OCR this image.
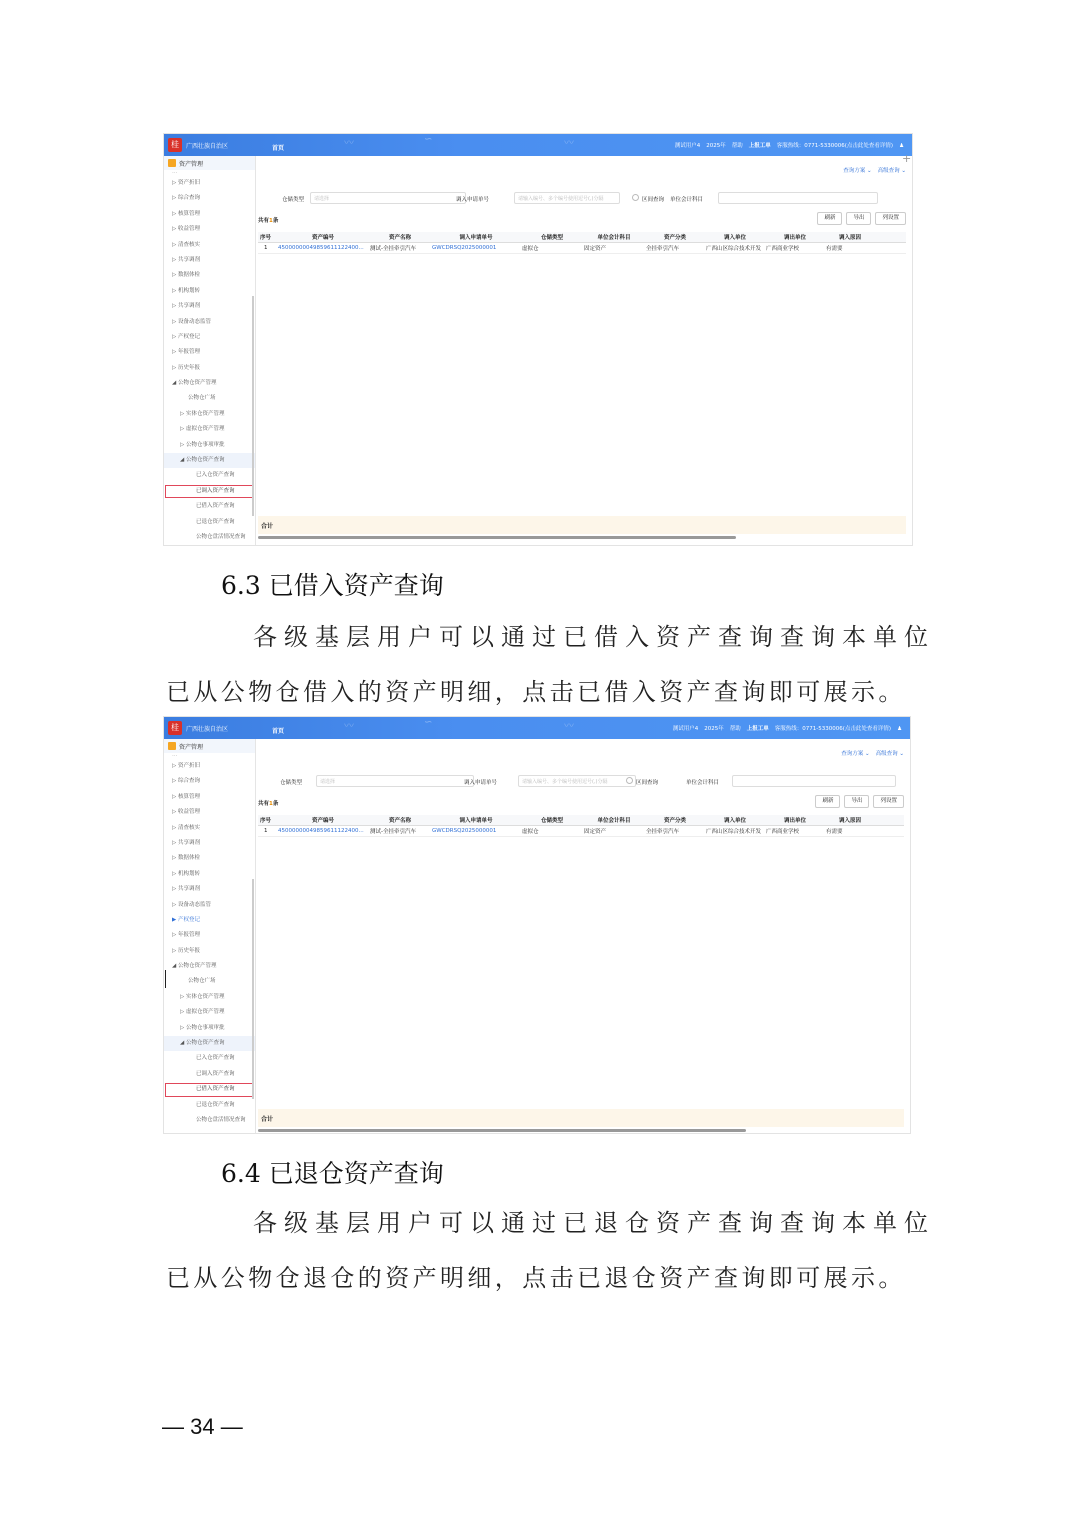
桂	广西壮族自治区	首页	〰	∽	〰	测试用户4 2025年 帮助 上报工单 客服热线：0771-5330006(点击此处查看详情) ♟
资产管理
…
▷ 资产折旧
▷ 综合查询
▷ 核算管理
▷ 收益管理
▷ 清查核实
▷ 共享调剂
▷ 数据体检
▷ 机构划转
▷ 共享调剂
▷ 设备动态监管
▷ 产权登记
▷ 年报管理
▷ 历史年报
◢ 公物仓资产管理
公物仓广场
▷ 实体仓资产管理
▷ 虚拟仓资产管理
▷ 公物仓事项审批
◢ 公物仓资产查询
已入仓资产查询
已调入资产查询
已借入资产查询
已退仓资产查询
公物仓盘活情况查询
查询方案 ⌄ 高级查询 ⌄
仓储类型	请选择	调入申请单号	请输入编号、多个编号使用逗号(,)分隔	区间查询 单位会计科目
共有1条	刷新	导出	列设置
序号	资产编号	资产名称	调入申请单号	仓储类型	单位会计科目	资产分类	调入单位	调出单位	调入原因
1	4500000004985961112240​0...	测试-全挂牵引汽车	GWCDRSQ2025000001	虚拟仓	固定资产	全挂牵引汽车	广西山区综合技术开发 广西商业学校	有需要
合计
+
6.3 已借入资产查询
各级基层用户可以通过已借入资产查询查询本单位
已从公物仓借入的资产明细，点击已借入资产查询即可展示。
桂	广西壮族自治区	首页	〰	∽	〰	测试用户4 2025年 帮助 上报工单 客服热线：0771-5330006(点击此处查看详情) ♟
资产管理
…
▷ 资产折旧
▷ 综合查询
▷ 核算管理
▷ 收益管理
▷ 清查核实
▷ 共享调剂
▷ 数据体检
▷ 机构划转
▷ 共享调剂
▷ 设备动态监管
▶ 产权登记
▷ 年报管理
▷ 历史年报
◢ 公物仓资产管理
公物仓广场
▷ 实体仓资产管理
▷ 虚拟仓资产管理
▷ 公物仓事项审批
◢ 公物仓资产查询
已入仓资产查询
已调入资产查询
已借入资产查询
已退仓资产查询
公物仓盘活情况查询
查询方案 ⌄ 高级查询 ⌄
仓储类型	请选择	调入申请单号	请输入编号、多个编号使用逗号(,)分隔	区间查询	单位会计科目
共有1条	刷新	导出	列设置
序号	资产编号	资产名称	调入申请单号	仓储类型	单位会计科目	资产分类	调入单位	调出单位	调入原因
1	4500000004985961112240​0...	测试-全挂牵引汽车	GWCDRSQ2025000001	虚拟仓	固定资产	全挂牵引汽车	广西山区综合技术开发 广西商业学校	有需要
合计
6.4 已退仓资产查询
各级基层用户可以通过已退仓资产查询查询本单位
已从公物仓退仓的资产明细，点击已退仓资产查询即可展示。
— 34 —
